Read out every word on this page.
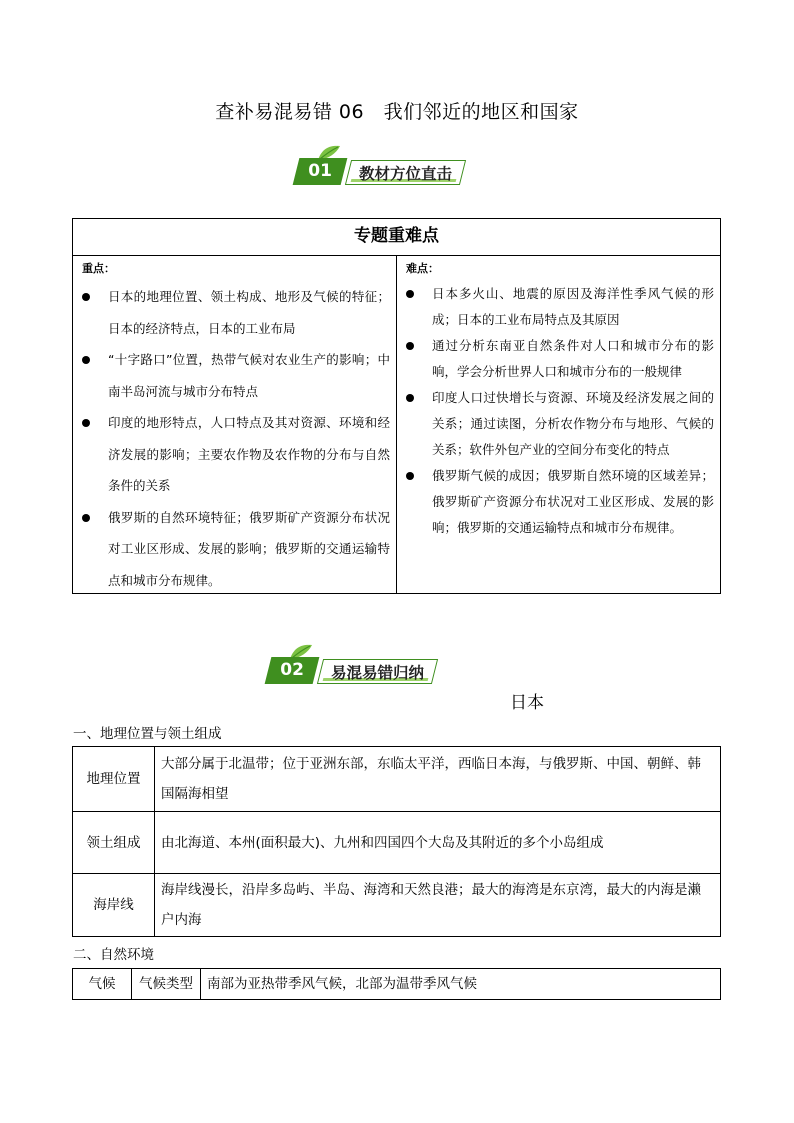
查补易混易错 06　我们邻近的地区和国家
01	教材方位直击
专题重难点
重点：
日本的地理位置、领土构成、地形及气候的特征；日本的经济特点，日本的工业布局
“十字路口”位置，热带气候对农业生产的影响；中南半岛河流与城市分布特点
印度的地形特点，人口特点及其对资源、环境和经济发展的影响；主要农作物及农作物的分布与自然条件的关系
俄罗斯的自然环境特征；俄罗斯矿产资源分布状况对工业区形成、发展的影响；俄罗斯的交通运输特点和城市分布规律。
难点：
日本多火山、地震的原因及海洋性季风气候的形成；日本的工业布局特点及其原因
通过分析东南亚自然条件对人口和城市分布的影响，学会分析世界人口和城市分布的一般规律
印度人口过快增长与资源、环境及经济发展之间的关系；通过读图，分析农作物分布与地形、气候的关系；软件外包产业的空间分布变化的特点
俄罗斯气候的成因；俄罗斯自然环境的区域差异；俄罗斯矿产资源分布状况对工业区形成、发展的影响；俄罗斯的交通运输特点和城市分布规律。
02	易混易错归纳
日本
一、地理位置与领土组成
地理位置	大部分属于北温带；位于亚洲东部，东临太平洋，西临日本海，与俄罗斯、中国、朝鲜、韩国隔海相望
领土组成	由北海道、本州(面积最大)、九州和四国四个大岛及其附近的多个小岛组成
海岸线	海岸线漫长，沿岸多岛屿、半岛、海湾和天然良港；最大的海湾是东京湾，最大的内海是濑户内海
二、自然环境
气候	气候类型	南部为亚热带季风气候，北部为温带季风气候
